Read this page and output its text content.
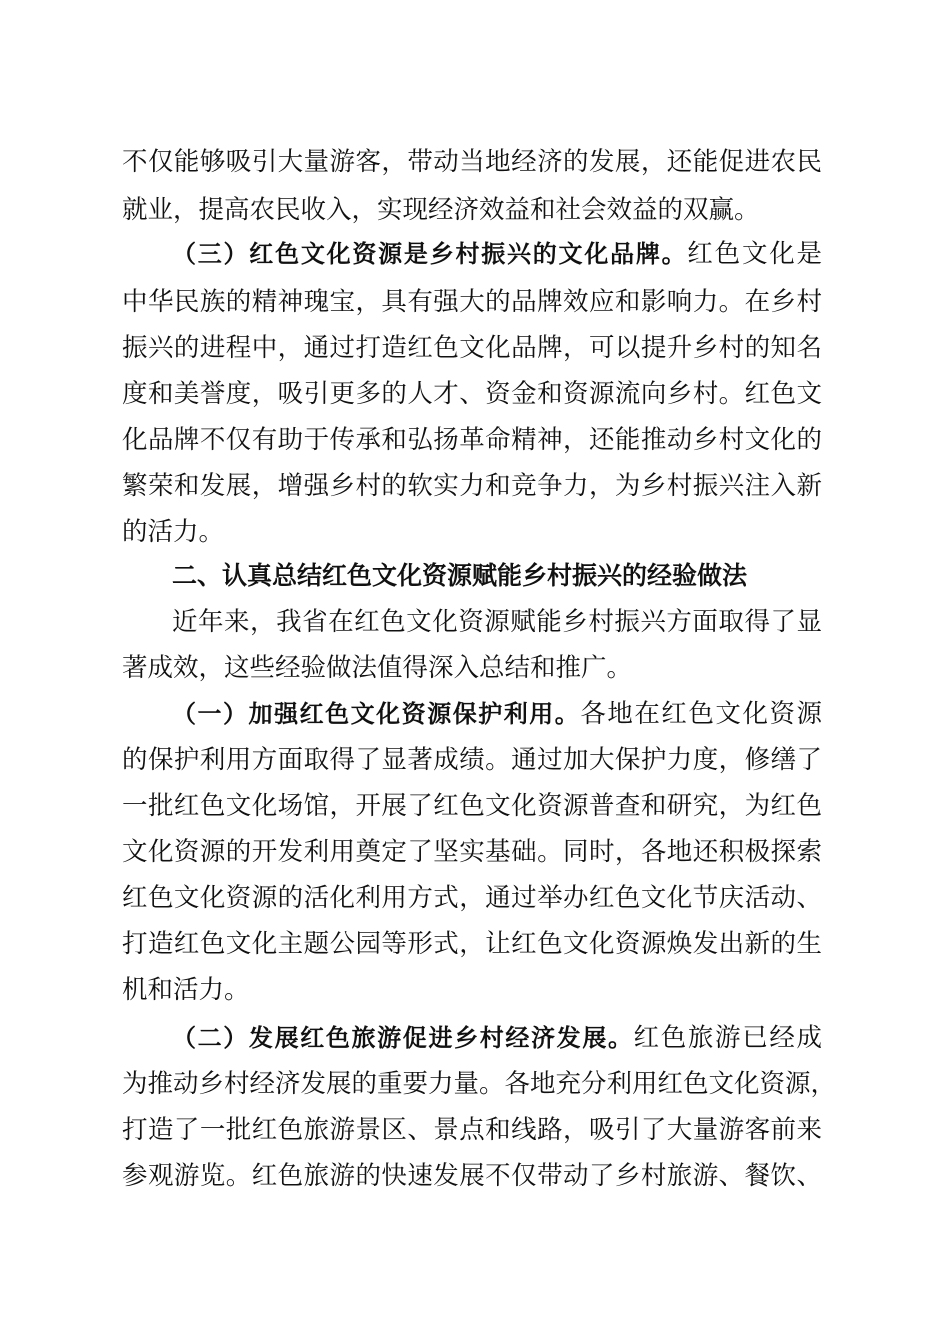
不仅能够吸引大量游客，带动当地经济的发展，还能促进农民
就业，提高农民收入，实现经济效益和社会效益的双赢。
（三）红色文化资源是乡村振兴的文化品牌。红色文化是
中华民族的精神瑰宝，具有强大的品牌效应和影响力。在乡村
振兴的进程中，通过打造红色文化品牌，可以提升乡村的知名
度和美誉度，吸引更多的人才、资金和资源流向乡村。红色文
化品牌不仅有助于传承和弘扬革命精神，还能推动乡村文化的
繁荣和发展，增强乡村的软实力和竞争力，为乡村振兴注入新
的活力。
二、认真总结红色文化资源赋能乡村振兴的经验做法
近年来，我省在红色文化资源赋能乡村振兴方面取得了显
著成效，这些经验做法值得深入总结和推广。
（一）加强红色文化资源保护利用。各地在红色文化资源
的保护利用方面取得了显著成绩。通过加大保护力度，修缮了
一批红色文化场馆，开展了红色文化资源普查和研究，为红色
文化资源的开发利用奠定了坚实基础。同时，各地还积极探索
红色文化资源的活化利用方式，通过举办红色文化节庆活动、
打造红色文化主题公园等形式，让红色文化资源焕发出新的生
机和活力。
（二）发展红色旅游促进乡村经济发展。红色旅游已经成
为推动乡村经济发展的重要力量。各地充分利用红色文化资源，
打造了一批红色旅游景区、景点和线路，吸引了大量游客前来
参观游览。红色旅游的快速发展不仅带动了乡村旅游、餐饮、
